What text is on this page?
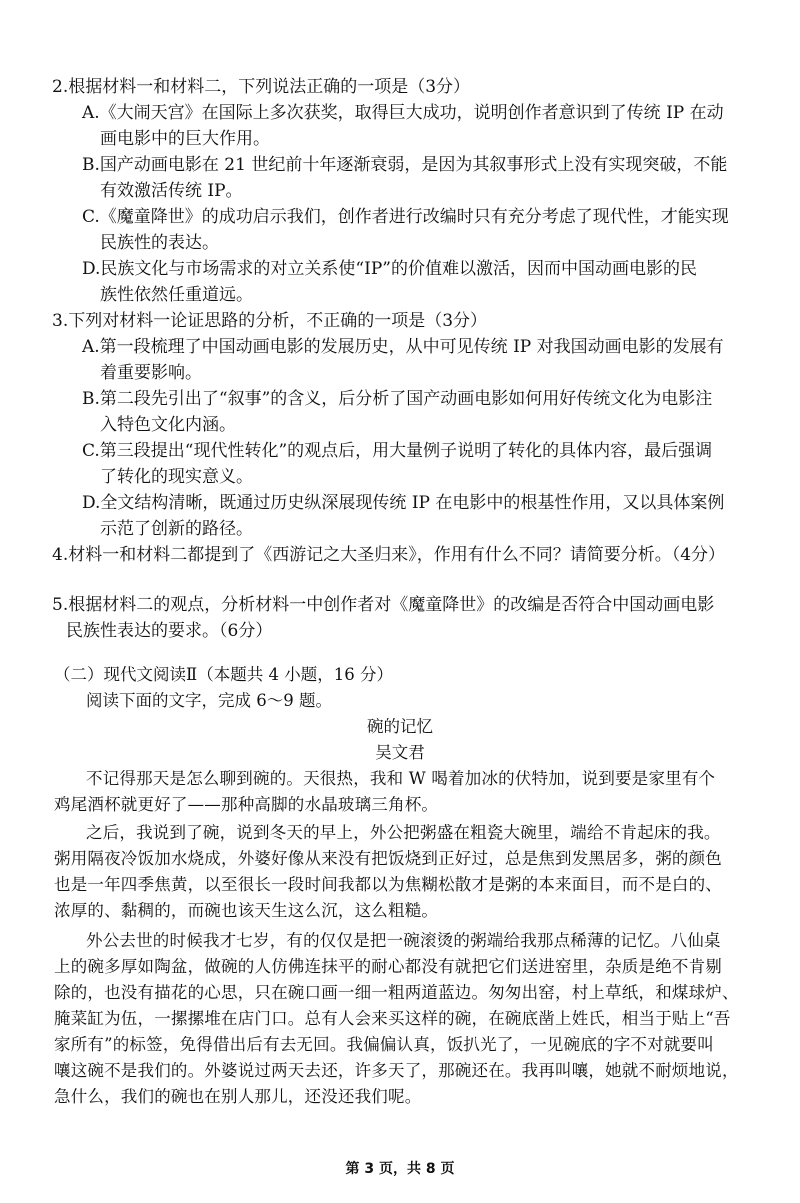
2.根据材料一和材料二，下列说法正确的一项是（3分）
A.《大闹天宫》在国际上多次获奖，取得巨大成功，说明创作者意识到了传统 IP 在动
画电影中的巨大作用。
B.国产动画电影在 21 世纪前十年逐渐衰弱，是因为其叙事形式上没有实现突破，不能
有效激活传统 IP。
C.《魔童降世》的成功启示我们，创作者进行改编时只有充分考虑了现代性，才能实现
民族性的表达。
D.民族文化与市场需求的对立关系使“IP”的价值难以激活，因而中国动画电影的民
族性依然任重道远。
3.下列对材料一论证思路的分析，不正确的一项是（3分）
A.第一段梳理了中国动画电影的发展历史，从中可见传统 IP 对我国动画电影的发展有
着重要影响。
B.第二段先引出了“叙事”的含义，后分析了国产动画电影如何用好传统文化为电影注
入特色文化内涵。
C.第三段提出“现代性转化”的观点后，用大量例子说明了转化的具体内容，最后强调
了转化的现实意义。
D.全文结构清晰，既通过历史纵深展现传统 IP 在电影中的根基性作用，又以具体案例
示范了创新的路径。
4.材料一和材料二都提到了《西游记之大圣归来》，作用有什么不同？请简要分析。（4分）
5.根据材料二的观点，分析材料一中创作者对《魔童降世》的改编是否符合中国动画电影
民族性表达的要求。（6分）
（二）现代文阅读Ⅱ（本题共 4 小题，16 分）
阅读下面的文字，完成 6～9 题。
碗的记忆
吴文君
不记得那天是怎么聊到碗的。天很热，我和 W 喝着加冰的伏特加，说到要是家里有个
鸡尾酒杯就更好了——那种高脚的水晶玻璃三角杯。
之后，我说到了碗，说到冬天的早上，外公把粥盛在粗瓷大碗里，端给不肯起床的我。
粥用隔夜冷饭加水烧成，外婆好像从来没有把饭烧到正好过，总是焦到发黑居多，粥的颜色
也是一年四季焦黄，以至很长一段时间我都以为焦糊松散才是粥的本来面目，而不是白的、
浓厚的、黏稠的，而碗也该天生这么沉，这么粗糙。
外公去世的时候我才七岁，有的仅仅是把一碗滚烫的粥端给我那点稀薄的记忆。八仙桌
上的碗多厚如陶盆，做碗的人仿佛连抹平的耐心都没有就把它们送进窑里，杂质是绝不肯剔
除的，也没有描花的心思，只在碗口画一细一粗两道蓝边。匆匆出窑，村上草纸，和煤球炉、
腌菜缸为伍，一摞摞堆在店门口。总有人会来买这样的碗，在碗底凿上姓氏，相当于贴上“吾
家所有”的标签，免得借出后有去无回。我偏偏认真，饭扒光了，一见碗底的字不对就要叫
嚷这碗不是我们的。外婆说过两天去还，许多天了，那碗还在。我再叫嚷，她就不耐烦地说，
急什么，我们的碗也在别人那儿，还没还我们呢。
第 3 页，共 8 页
